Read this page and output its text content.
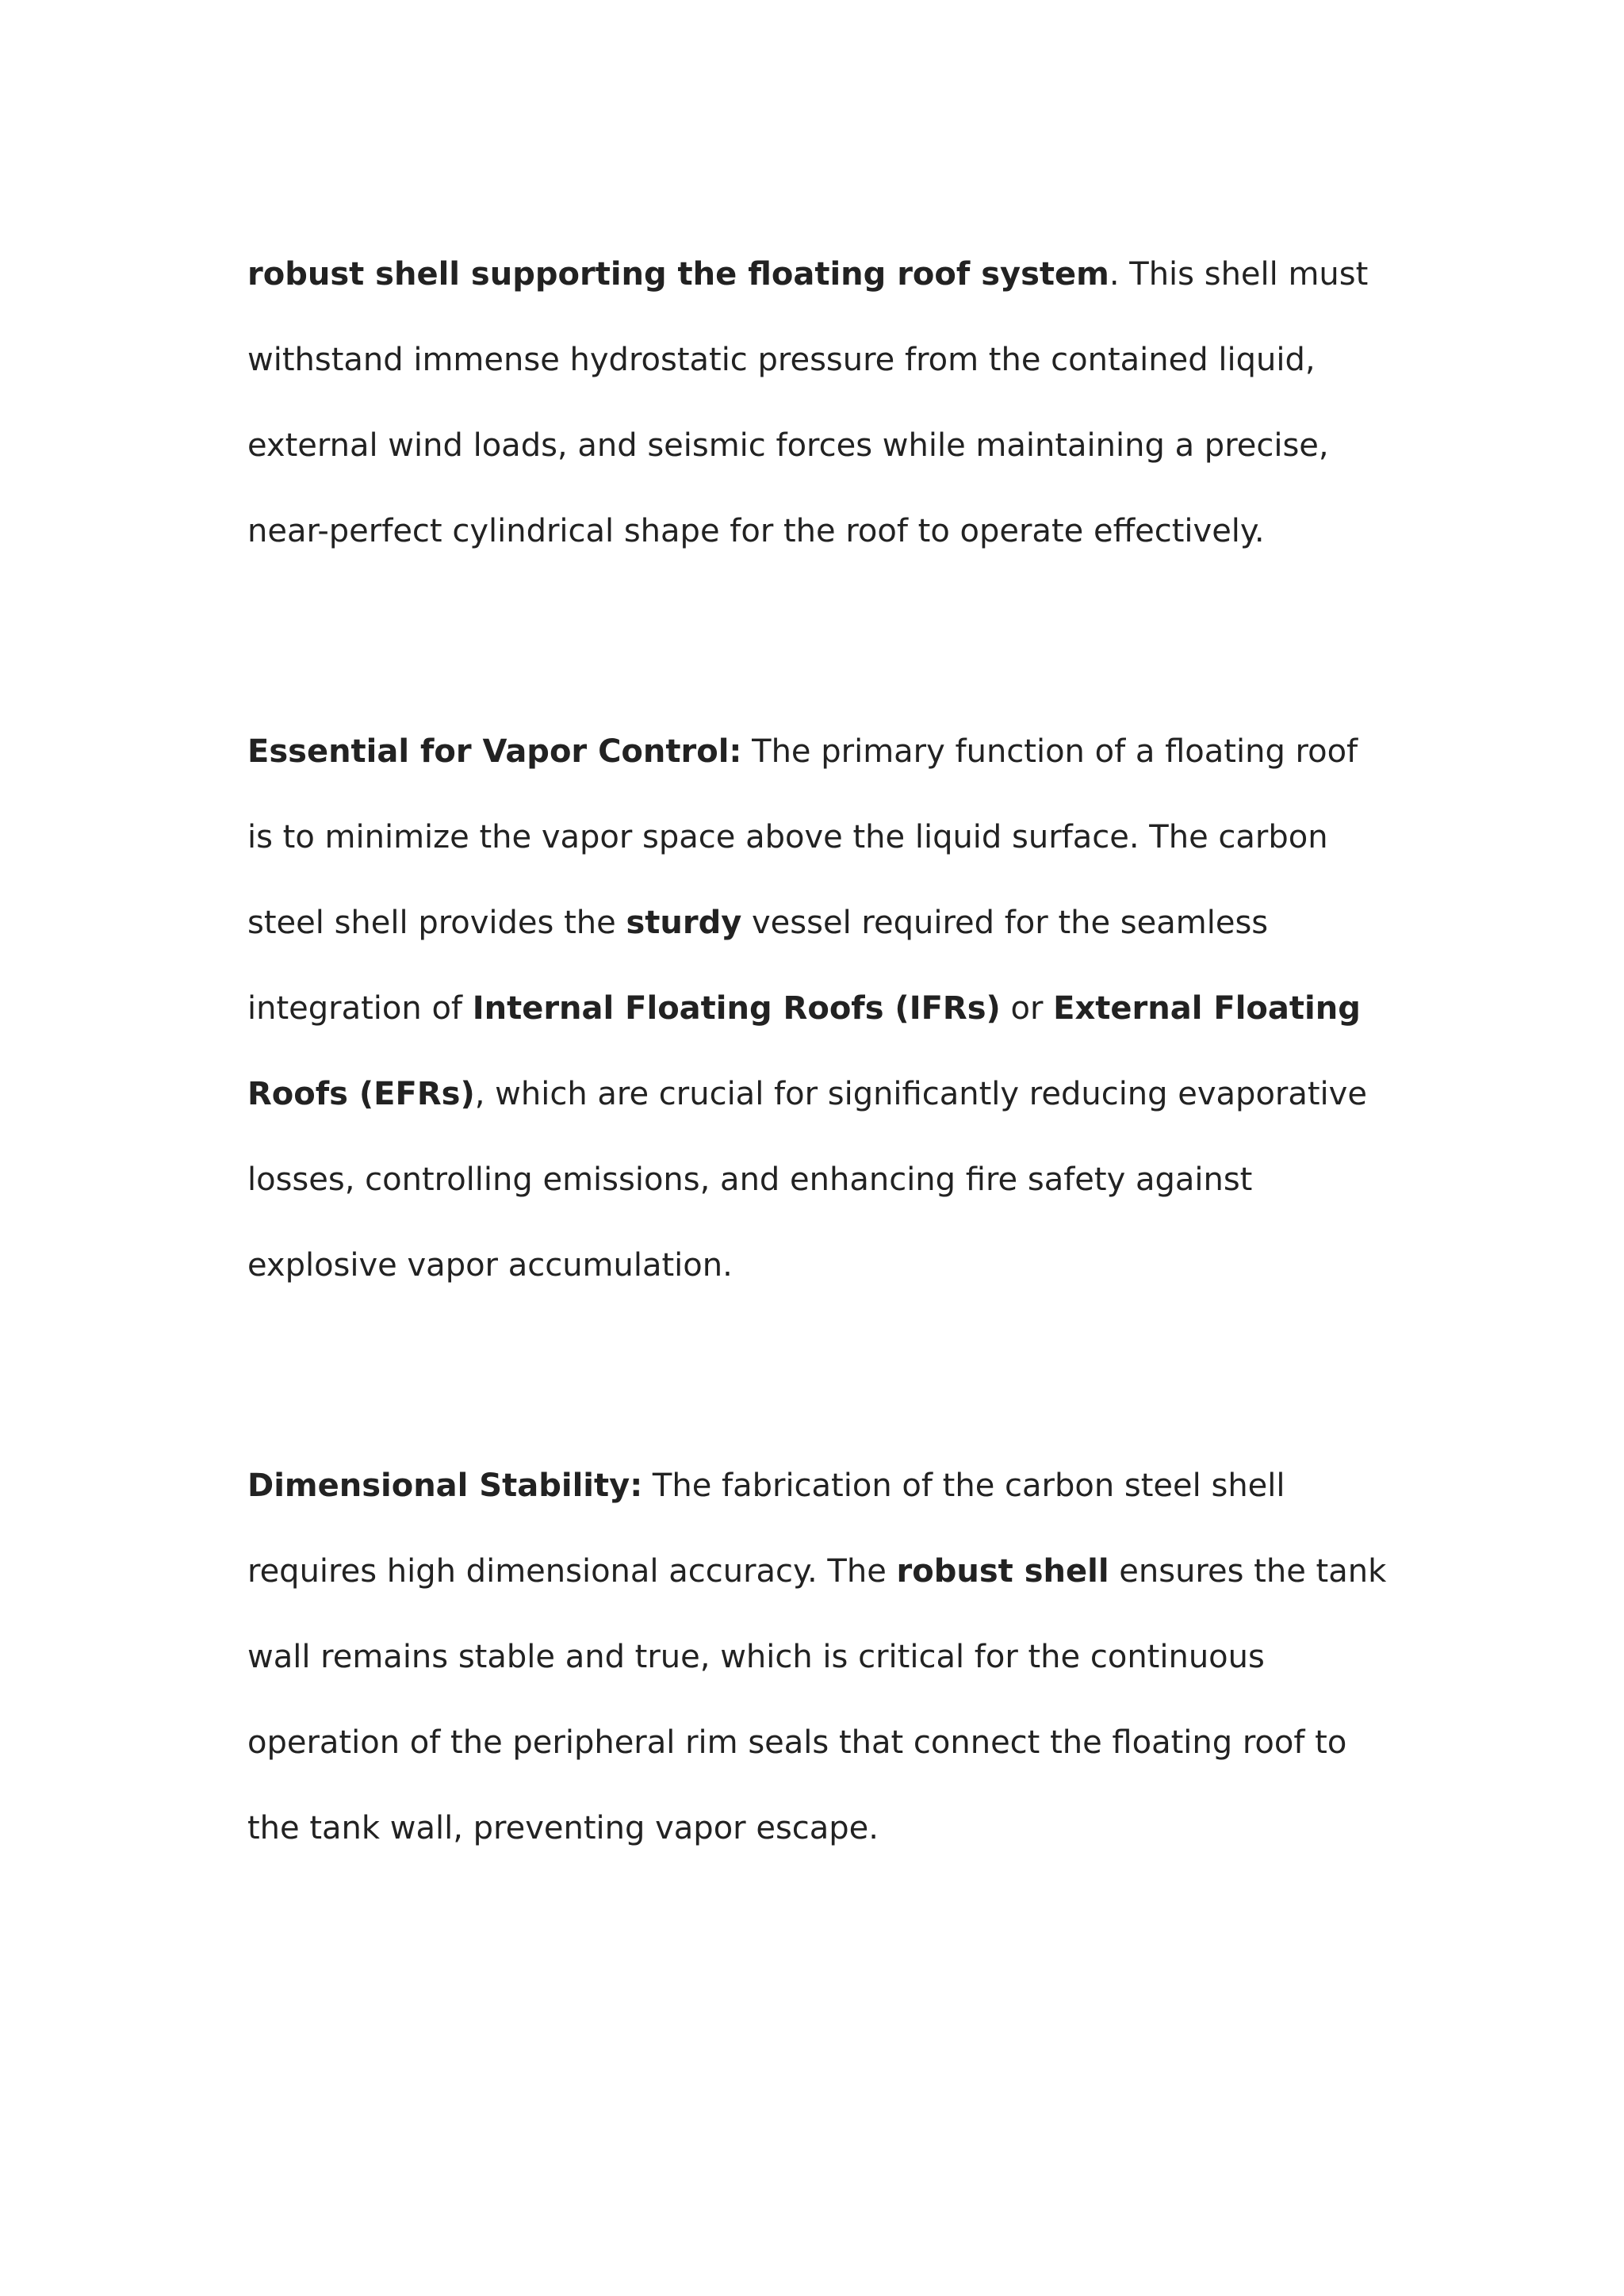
robust shell supporting the floating roof system. This shell must withstand immense hydrostatic pressure from the contained liquid, external wind loads, and seismic forces while maintaining a precise, near-perfect cylindrical shape for the roof to operate effectively.

Essential for Vapor Control: The primary function of a floating roof is to minimize the vapor space above the liquid surface. The carbon steel shell provides the sturdy vessel required for the seamless integration of Internal Floating Roofs (IFRs) or External Floating Roofs (EFRs), which are crucial for significantly reducing evaporative losses, controlling emissions, and enhancing fire safety against explosive vapor accumulation.

Dimensional Stability: The fabrication of the carbon steel shell requires high dimensional accuracy. The robust shell ensures the tank wall remains stable and true, which is critical for the continuous operation of the peripheral rim seals that connect the floating roof to the tank wall, preventing vapor escape.
